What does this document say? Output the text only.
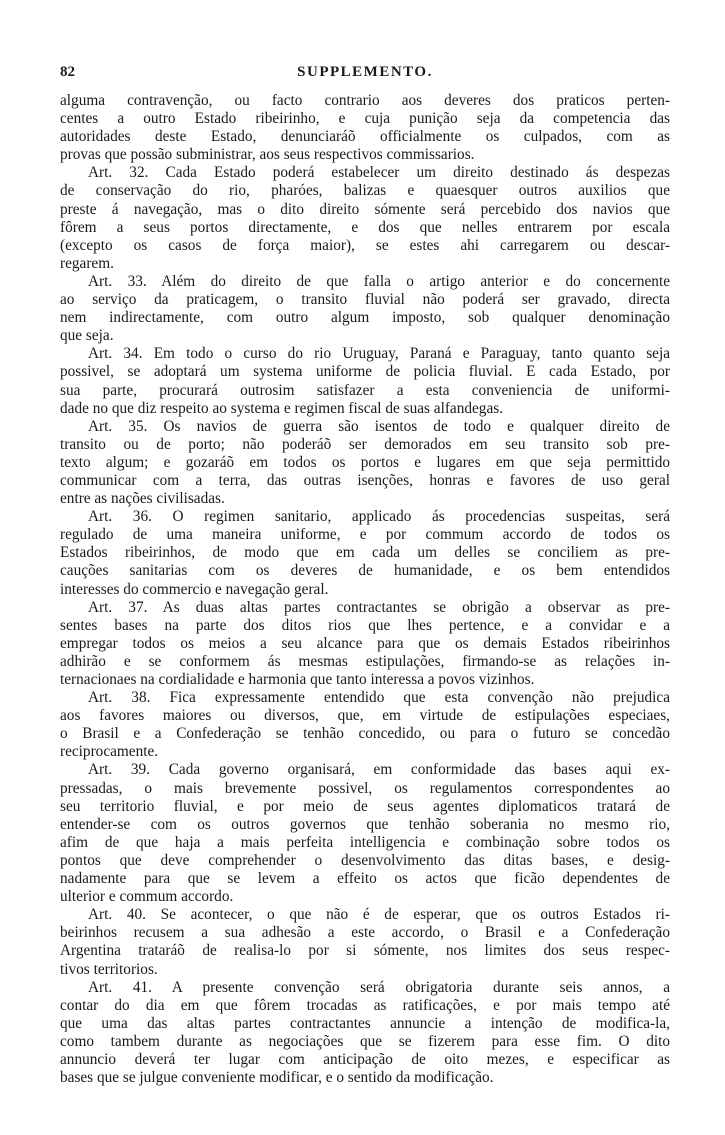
82	SUPPLEMENTO.
alguma contravenção, ou facto contrario aos deveres dos praticos perten-
centes a outro Estado ribeirinho, e cuja punição seja da competencia das
autoridades deste Estado, denunciaráõ officialmente os culpados, com as
provas que possão subministrar, aos seus respectivos commissarios.
Art. 32. Cada Estado poderá estabelecer um direito destinado ás despezas
de conservação do rio, pharóes, balizas e quaesquer outros auxilios que
preste á navegação, mas o dito direito sómente será percebido dos navios que
fôrem a seus portos directamente, e dos que nelles entrarem por escala
(excepto os casos de força maior), se estes ahi carregarem ou descar-
regarem.
Art. 33. Além do direito de que falla o artigo anterior e do concernente
ao serviço da praticagem, o transito fluvial não poderá ser gravado, directa
nem indirectamente, com outro algum imposto, sob qualquer denominação
que seja.
Art. 34. Em todo o curso do rio Uruguay, Paraná e Paraguay, tanto quanto seja
possivel, se adoptará um systema uniforme de policia fluvial. E cada Estado, por
sua parte, procurará outrosim satisfazer a esta conveniencia de uniformi-
dade no que diz respeito ao systema e regimen fiscal de suas alfandegas.
Art. 35. Os navios de guerra são isentos de todo e qualquer direito de
transito ou de porto; não poderáõ ser demorados em seu transito sob pre-
texto algum; e gozaráõ em todos os portos e lugares em que seja permittido
communicar com a terra, das outras isenções, honras e favores de uso geral
entre as nações civilisadas.
Art. 36. O regimen sanitario, applicado ás procedencias suspeitas, será
regulado de uma maneira uniforme, e por commum accordo de todos os
Estados ribeirinhos, de modo que em cada um delles se conciliem as pre-
cauções sanitarias com os deveres de humanidade, e os bem entendidos
interesses do commercio e navegação geral.
Art. 37. As duas altas partes contractantes se obrigão a observar as pre-
sentes bases na parte dos ditos rios que lhes pertence, e a convidar e a
empregar todos os meios a seu alcance para que os demais Estados ribeirinhos
adhirão e se conformem ás mesmas estipulações, firmando-se as relações in-
ternacionaes na cordialidade e harmonia que tanto interessa a povos vizinhos.
Art. 38. Fica expressamente entendido que esta convenção não prejudica
aos favores maiores ou diversos, que, em virtude de estipulações especiaes,
o Brasil e a Confederação se tenhão concedido, ou para o futuro se concedão
reciprocamente.
Art. 39. Cada governo organisará, em conformidade das bases aqui ex-
pressadas, o mais brevemente possivel, os regulamentos correspondentes ao
seu territorio fluvial, e por meio de seus agentes diplomaticos tratará de
entender-se com os outros governos que tenhão soberania no mesmo rio,
afim de que haja a mais perfeita intelligencia e combinação sobre todos os
pontos que deve comprehender o desenvolvimento das ditas bases, e desig-
nadamente para que se levem a effeito os actos que ficão dependentes de
ulterior e commum accordo.
Art. 40. Se acontecer, o que não é de esperar, que os outros Estados ri-
beirinhos recusem a sua adhesão a este accordo, o Brasil e a Confederação
Argentina trataráõ de realisa-lo por si sómente, nos limites dos seus respec-
tivos territorios.
Art. 41. A presente convenção será obrigatoria durante seis annos, a
contar do dia em que fôrem trocadas as ratificações, e por mais tempo até
que uma das altas partes contractantes annuncie a intenção de modifica-la,
como tambem durante as negociações que se fizerem para esse fim. O dito
annuncio deverá ter lugar com anticipação de oito mezes, e especificar as
bases que se julgue conveniente modificar, e o sentido da modificação.
